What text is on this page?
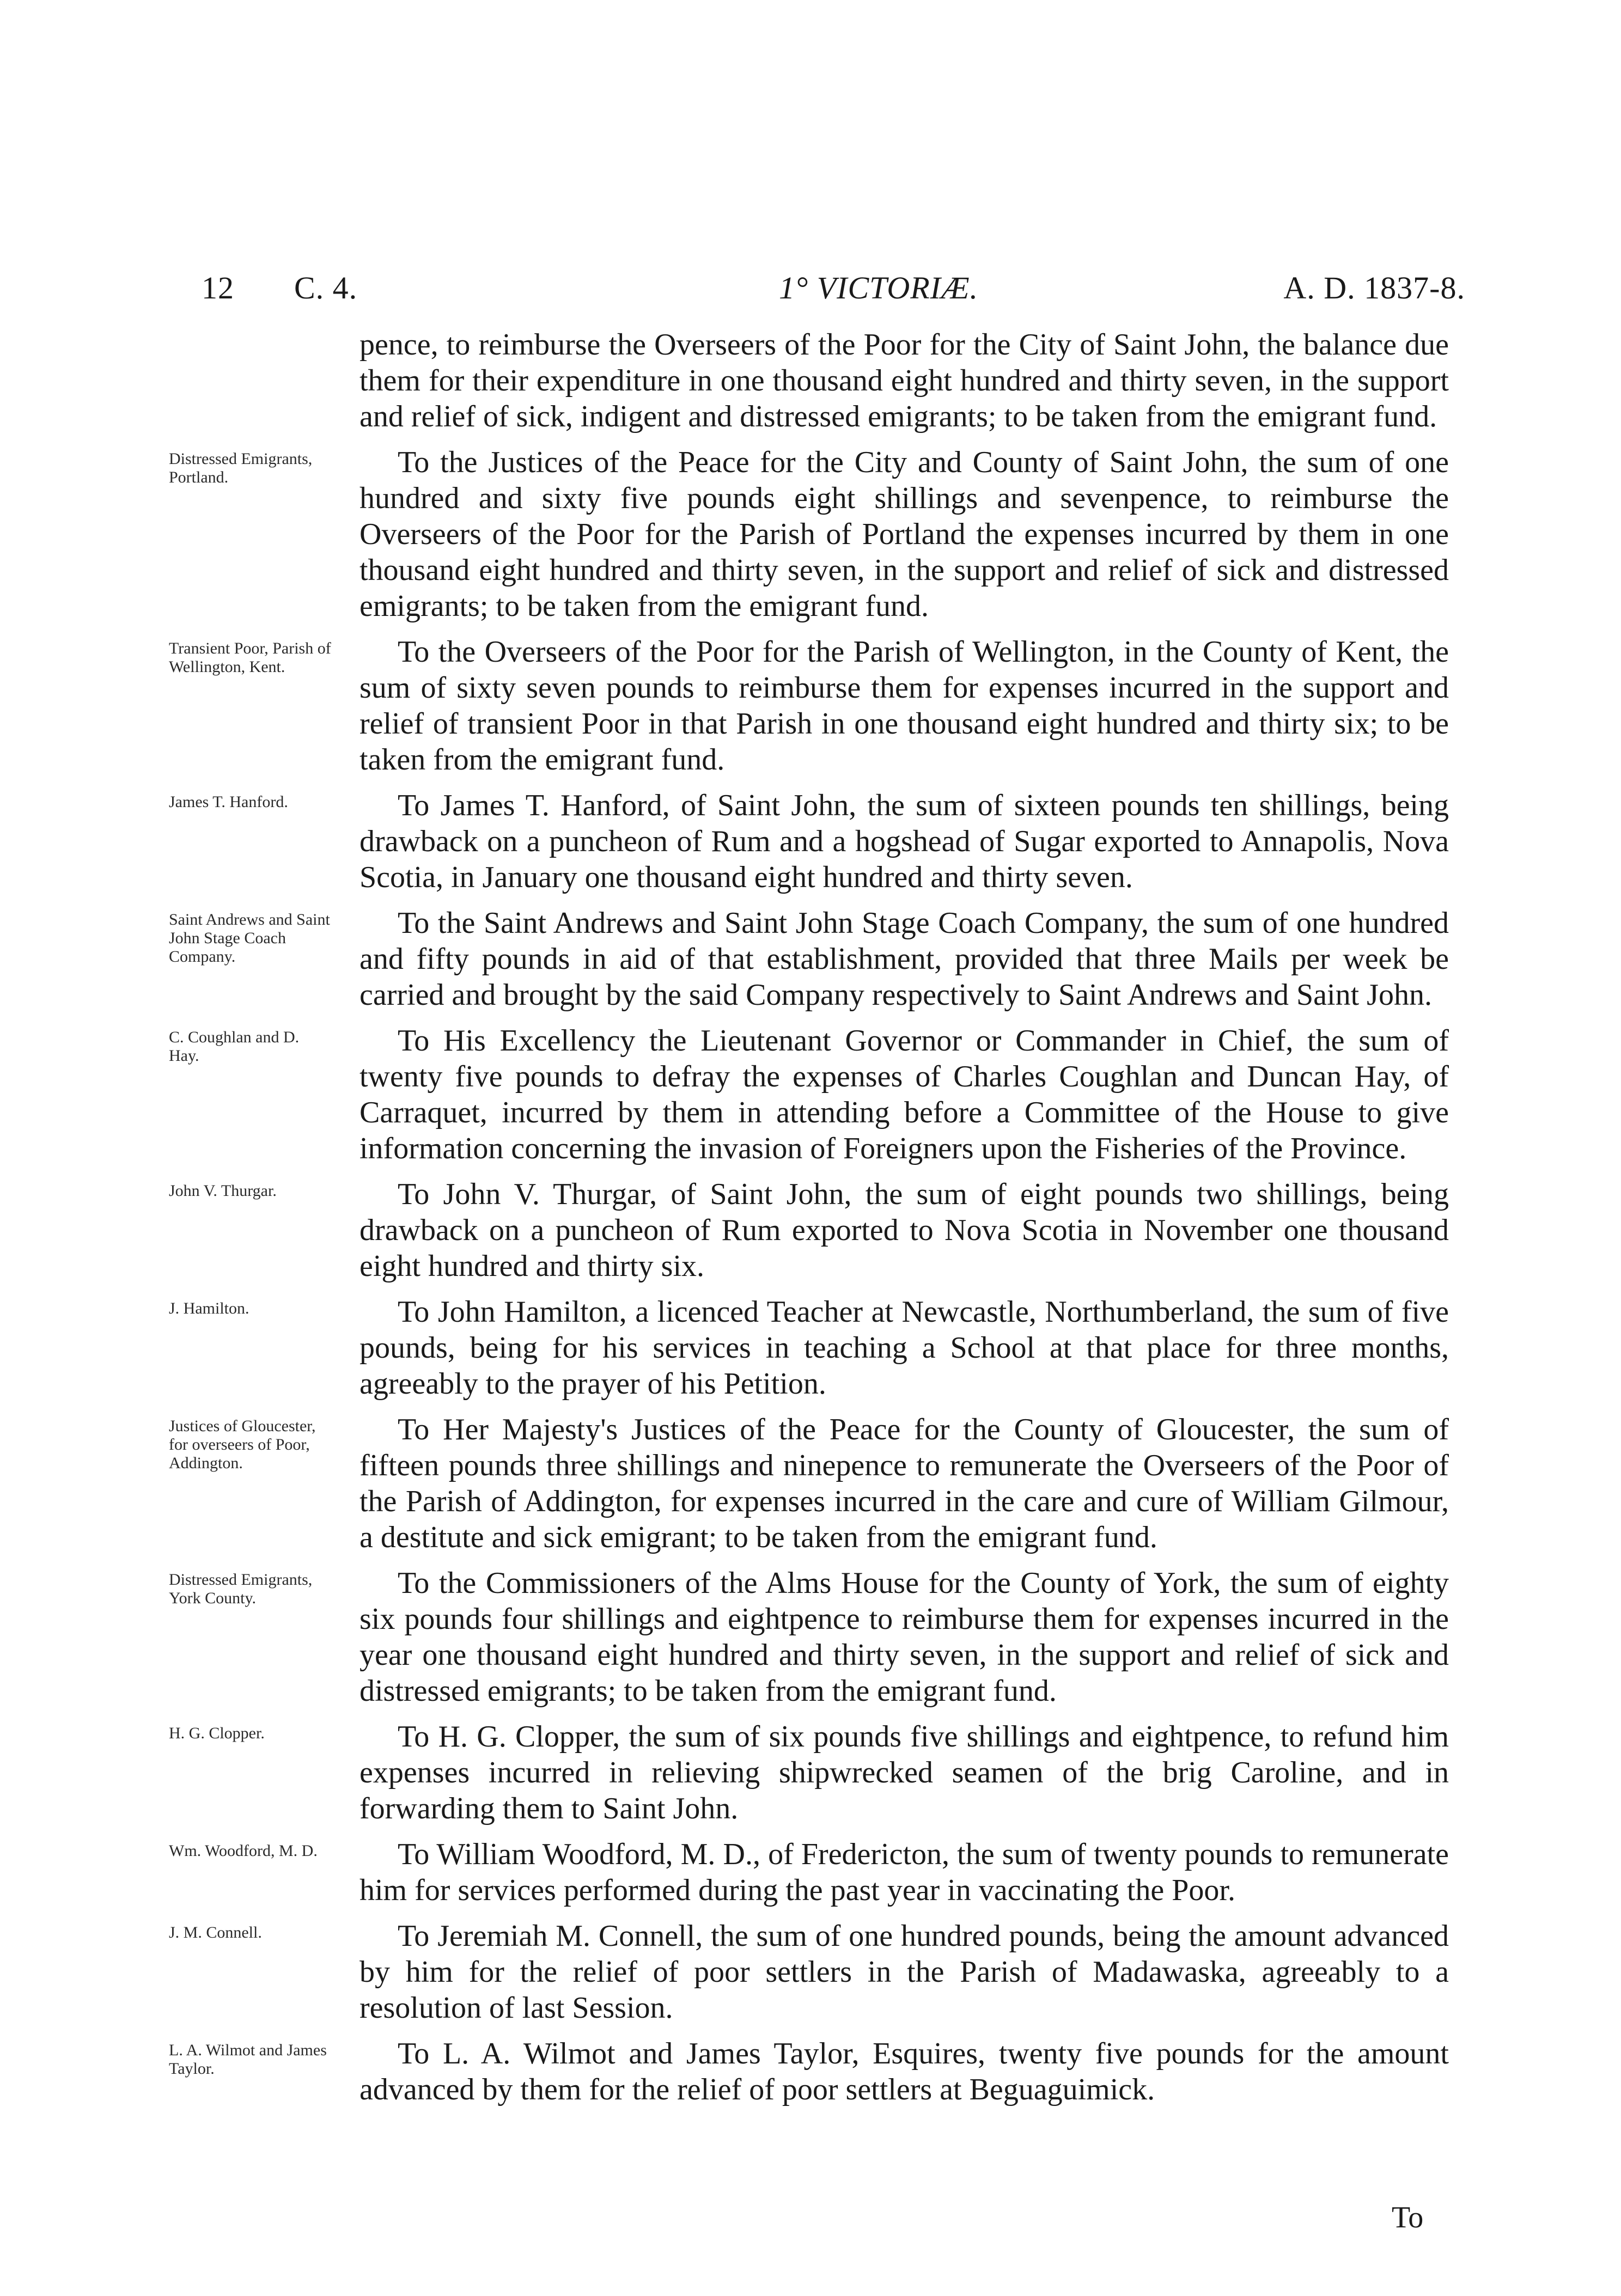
12 C. 4.	1° VICTORIÆ.	A. D. 1837-8.
pence, to reimburse the Overseers of the Poor for the City of Saint John, the balance due them for their expenditure in one thousand eight hundred and thirty seven, in the support and relief of sick, indigent and distressed emigrants; to be taken from the emigrant fund.
Distressed Emigrants, Portland.	To the Justices of the Peace for the City and County of Saint John, the sum of one hundred and sixty five pounds eight shillings and sevenpence, to reimburse the Overseers of the Poor for the Parish of Portland the expenses incurred by them in one thousand eight hundred and thirty seven, in the support and relief of sick and distressed emigrants; to be taken from the emigrant fund.
Transient Poor, Parish of Wellington, Kent.	To the Overseers of the Poor for the Parish of Wellington, in the County of Kent, the sum of sixty seven pounds to reimburse them for expenses incurred in the support and relief of transient Poor in that Parish in one thousand eight hundred and thirty six; to be taken from the emigrant fund.
James T. Hanford.	To James T. Hanford, of Saint John, the sum of sixteen pounds ten shillings, being drawback on a puncheon of Rum and a hogshead of Sugar exported to Annapolis, Nova Scotia, in January one thousand eight hundred and thirty seven.
Saint Andrews and Saint John Stage Coach Company.
To the Saint Andrews and Saint John Stage Coach Company, the sum of one hundred and fifty pounds in aid of that establishment, provided that three Mails per week be carried and brought by the said Company respectively to Saint Andrews and Saint John.
C. Coughlan and D. Hay.	To His Excellency the Lieutenant Governor or Commander in Chief, the sum of twenty five pounds to defray the expenses of Charles Coughlan and Duncan Hay, of Carraquet, incurred by them in attending before a Committee of the House to give information concerning the invasion of Foreigners upon the Fisheries of the Province.
John V. Thurgar.	To John V. Thurgar, of Saint John, the sum of eight pounds two shillings, being drawback on a puncheon of Rum exported to Nova Scotia in November one thousand eight hundred and thirty six.
J. Hamilton.	To John Hamilton, a licenced Teacher at Newcastle, Northumberland, the sum of five pounds, being for his services in teaching a School at that place for three months, agreeably to the prayer of his Petition.
Justices of Gloucester, for overseers of Poor, Addington.
To Her Majesty's Justices of the Peace for the County of Gloucester, the sum of fifteen pounds three shillings and ninepence to remunerate the Overseers of the Poor of the Parish of Addington, for expenses incurred in the care and cure of William Gilmour, a destitute and sick emigrant; to be taken from the emigrant fund.
Distressed Emigrants, York County.	To the Commissioners of the Alms House for the County of York, the sum of eighty six pounds four shillings and eightpence to reimburse them for expenses incurred in the year one thousand eight hundred and thirty seven, in the support and relief of sick and distressed emigrants; to be taken from the emigrant fund.
H. G. Clopper.	To H. G. Clopper, the sum of six pounds five shillings and eightpence, to refund him expenses incurred in relieving shipwrecked seamen of the brig Caroline, and in forwarding them to Saint John.
Wm. Woodford, M. D.	To William Woodford, M. D., of Fredericton, the sum of twenty pounds to remunerate him for services performed during the past year in vaccinating the Poor.
J. M. Connell.	To Jeremiah M. Connell, the sum of one hundred pounds, being the amount advanced by him for the relief of poor settlers in the Parish of Madawaska, agreeably to a resolution of last Session.
L. A. Wilmot and James Taylor.	To L. A. Wilmot and James Taylor, Esquires, twenty five pounds for the amount advanced by them for the relief of poor settlers at Beguaguimick.
To
